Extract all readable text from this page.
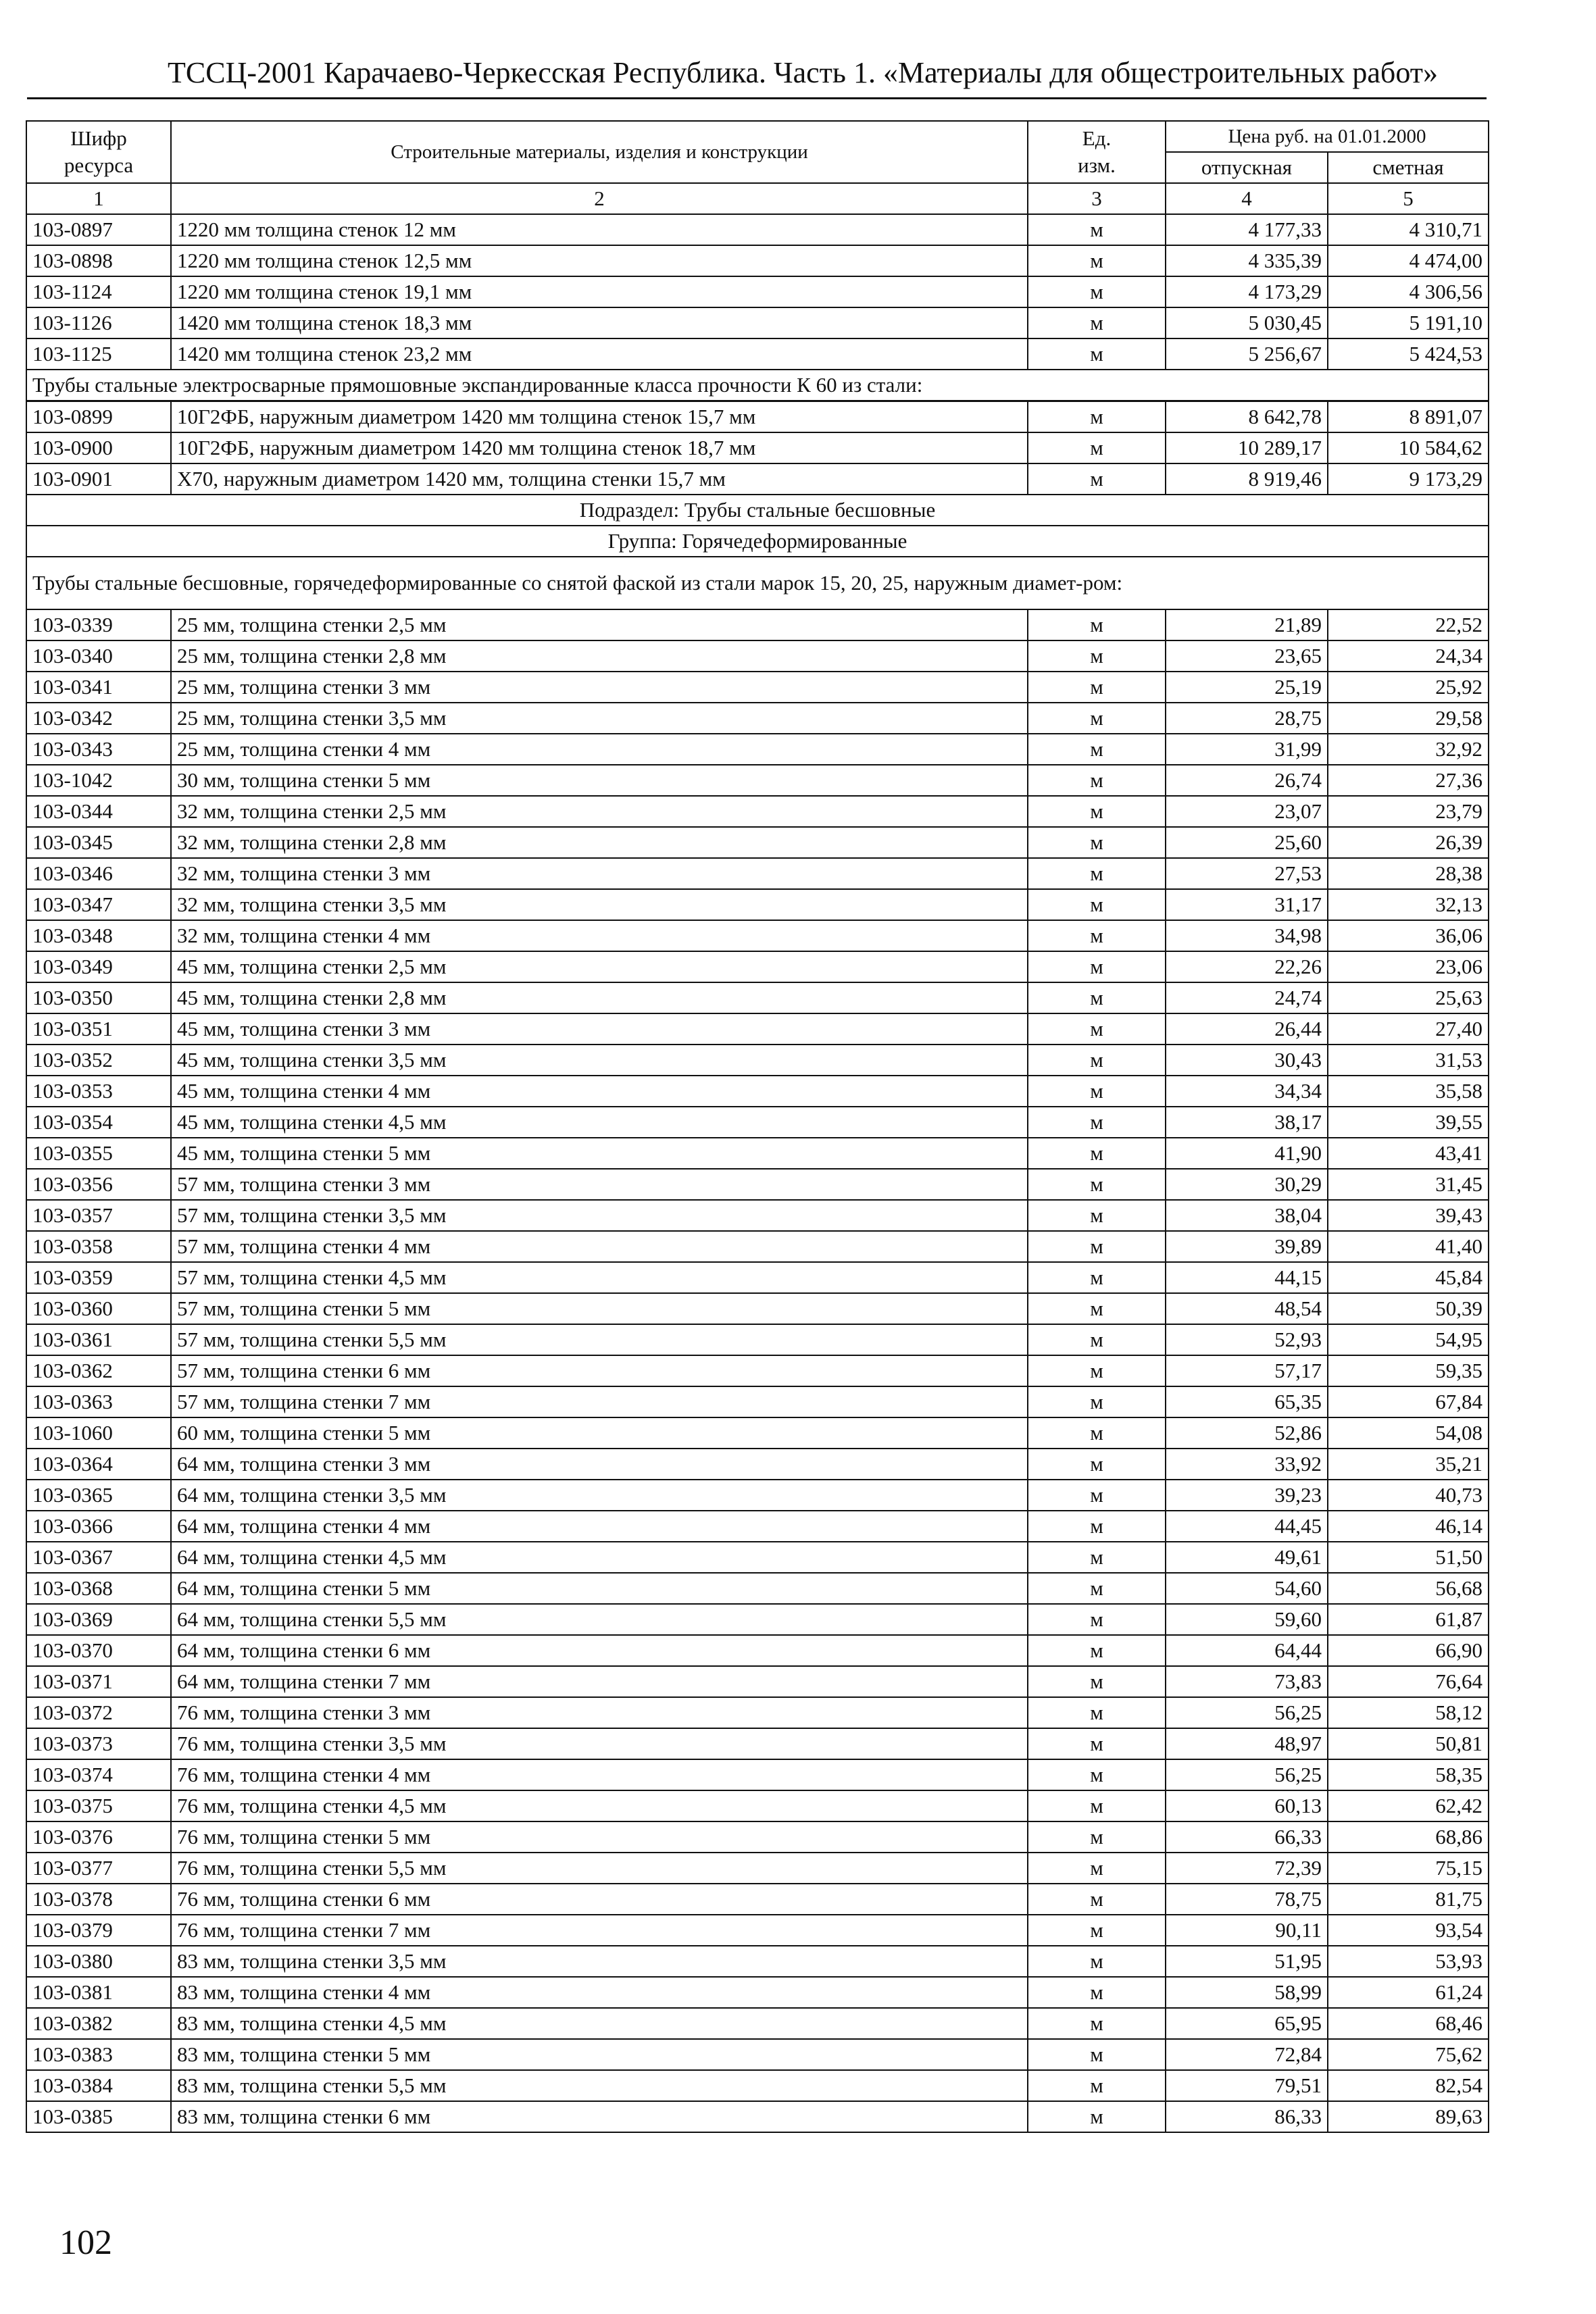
ТССЦ-2001 Карачаево-Черкесская Республика. Часть 1. «Материалы для общестроительных работ»
Шифр
ресурса	Строительные материалы, изделия и конструкции	Ед.
изм.	Цена руб. на 01.01.2000	
			отпускная	сметная
1	2	3	4	5
103-0897	1220 мм толщина стенок 12 мм	м	4 177,33	4 310,71
103-0898	1220 мм толщина стенок 12,5 мм	м	4 335,39	4 474,00
103-1124	1220 мм толщина стенок 19,1 мм	м	4 173,29	4 306,56
103-1126	1420 мм толщина стенок 18,3 мм	м	5 030,45	5 191,10
103-1125	1420 мм толщина стенок 23,2 мм	м	5 256,67	5 424,53
Трубы стальные электросварные прямошовные экспандированные класса прочности К 60 из стали:				
103-0899	10Г2ФБ, наружным диаметром 1420 мм толщина стенок 15,7 мм	м	8 642,78	8 891,07
103-0900	10Г2ФБ, наружным диаметром 1420 мм толщина стенок 18,7 мм	м	10 289,17	10 584,62
103-0901	Х70, наружным диаметром 1420 мм, толщина стенки 15,7 мм	м	8 919,46	9 173,29
Подраздел: Трубы стальные бесшовные				
Группа: Горячедеформированные				
Трубы стальные бесшовные, горячедеформированные со снятой фаской из стали марок 15, 20, 25, наружным диамет-ром:				
103-0339	25 мм, толщина стенки 2,5 мм	м	21,89	22,52
103-0340	25 мм, толщина стенки 2,8 мм	м	23,65	24,34
103-0341	25 мм, толщина стенки 3 мм	м	25,19	25,92
103-0342	25 мм, толщина стенки 3,5 мм	м	28,75	29,58
103-0343	25 мм, толщина стенки 4 мм	м	31,99	32,92
103-1042	30 мм, толщина стенки 5 мм	м	26,74	27,36
103-0344	32 мм, толщина стенки 2,5 мм	м	23,07	23,79
103-0345	32 мм, толщина стенки 2,8 мм	м	25,60	26,39
103-0346	32 мм, толщина стенки 3 мм	м	27,53	28,38
103-0347	32 мм, толщина стенки 3,5 мм	м	31,17	32,13
103-0348	32 мм, толщина стенки 4 мм	м	34,98	36,06
103-0349	45 мм, толщина стенки 2,5 мм	м	22,26	23,06
103-0350	45 мм, толщина стенки 2,8 мм	м	24,74	25,63
103-0351	45 мм, толщина стенки 3 мм	м	26,44	27,40
103-0352	45 мм, толщина стенки 3,5 мм	м	30,43	31,53
103-0353	45 мм, толщина стенки 4 мм	м	34,34	35,58
103-0354	45 мм, толщина стенки 4,5 мм	м	38,17	39,55
103-0355	45 мм, толщина стенки 5 мм	м	41,90	43,41
103-0356	57 мм, толщина стенки 3 мм	м	30,29	31,45
103-0357	57 мм, толщина стенки 3,5 мм	м	38,04	39,43
103-0358	57 мм, толщина стенки 4 мм	м	39,89	41,40
103-0359	57 мм, толщина стенки 4,5 мм	м	44,15	45,84
103-0360	57 мм, толщина стенки 5 мм	м	48,54	50,39
103-0361	57 мм, толщина стенки 5,5 мм	м	52,93	54,95
103-0362	57 мм, толщина стенки 6 мм	м	57,17	59,35
103-0363	57 мм, толщина стенки 7 мм	м	65,35	67,84
103-1060	60 мм, толщина стенки 5 мм	м	52,86	54,08
103-0364	64 мм, толщина стенки 3 мм	м	33,92	35,21
103-0365	64 мм, толщина стенки 3,5 мм	м	39,23	40,73
103-0366	64 мм, толщина стенки 4 мм	м	44,45	46,14
103-0367	64 мм, толщина стенки 4,5 мм	м	49,61	51,50
103-0368	64 мм, толщина стенки 5 мм	м	54,60	56,68
103-0369	64 мм, толщина стенки 5,5 мм	м	59,60	61,87
103-0370	64 мм, толщина стенки 6 мм	м	64,44	66,90
103-0371	64 мм, толщина стенки 7 мм	м	73,83	76,64
103-0372	76 мм, толщина стенки 3 мм	м	56,25	58,12
103-0373	76 мм, толщина стенки 3,5 мм	м	48,97	50,81
103-0374	76 мм, толщина стенки 4 мм	м	56,25	58,35
103-0375	76 мм, толщина стенки 4,5 мм	м	60,13	62,42
103-0376	76 мм, толщина стенки 5 мм	м	66,33	68,86
103-0377	76 мм, толщина стенки 5,5 мм	м	72,39	75,15
103-0378	76 мм, толщина стенки 6 мм	м	78,75	81,75
103-0379	76 мм, толщина стенки 7 мм	м	90,11	93,54
103-0380	83 мм, толщина стенки 3,5 мм	м	51,95	53,93
103-0381	83 мм, толщина стенки 4 мм	м	58,99	61,24
103-0382	83 мм, толщина стенки 4,5 мм	м	65,95	68,46
103-0383	83 мм, толщина стенки 5 мм	м	72,84	75,62
103-0384	83 мм, толщина стенки 5,5 мм	м	79,51	82,54
103-0385	83 мм, толщина стенки 6 мм	м	86,33	89,63
102
